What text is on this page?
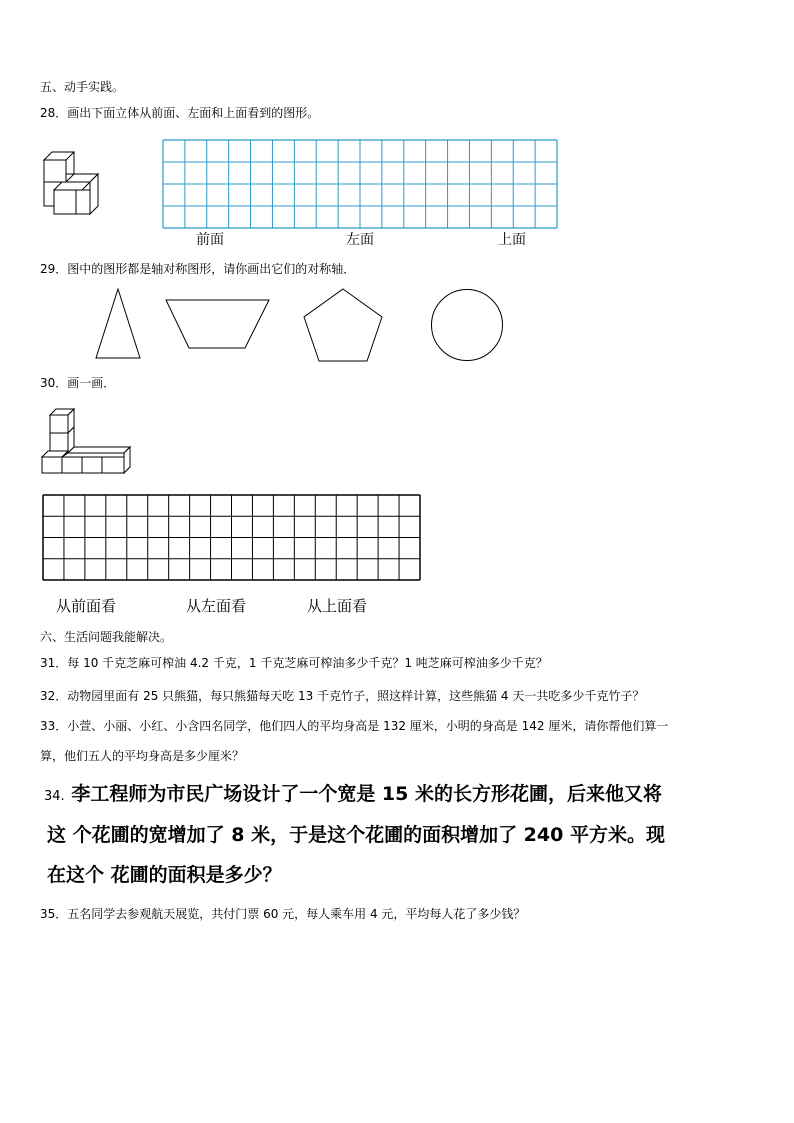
五、动手实践。
28．画出下面立体从前面、左面和上面看到的图形。
前面	左面	上面
29．图中的图形都是轴对称图形，请你画出它们的对称轴．
30．画一画．
从前面看	从左面看	从上面看
六、生活问题我能解决。
31．每 10 千克芝麻可榨油 4.2 千克，1 千克芝麻可榨油多少千克？1 吨芝麻可榨油多少千克？
32．动物园里面有 25 只熊猫，每只熊猫每天吃 13 千克竹子，照这样计算，这些熊猫 4 天一共吃多少千克竹子？
33．小萱、小丽、小红、小含四名同学，他们四人的平均身高是 132 厘米，小明的身高是 142 厘米，请你帮他们算一
算，他们五人的平均身高是多少厘米？
34. 李工程师为市民广场设计了一个宽是 15 米的长方形花圃，后来他又将
这 个花圃的宽增加了 8 米，于是这个花圃的面积增加了 240 平方米。现
在这个 花圃的面积是多少？
35．五名同学去参观航天展览，共付门票 60 元，每人乘车用 4 元，平均每人花了多少钱？
